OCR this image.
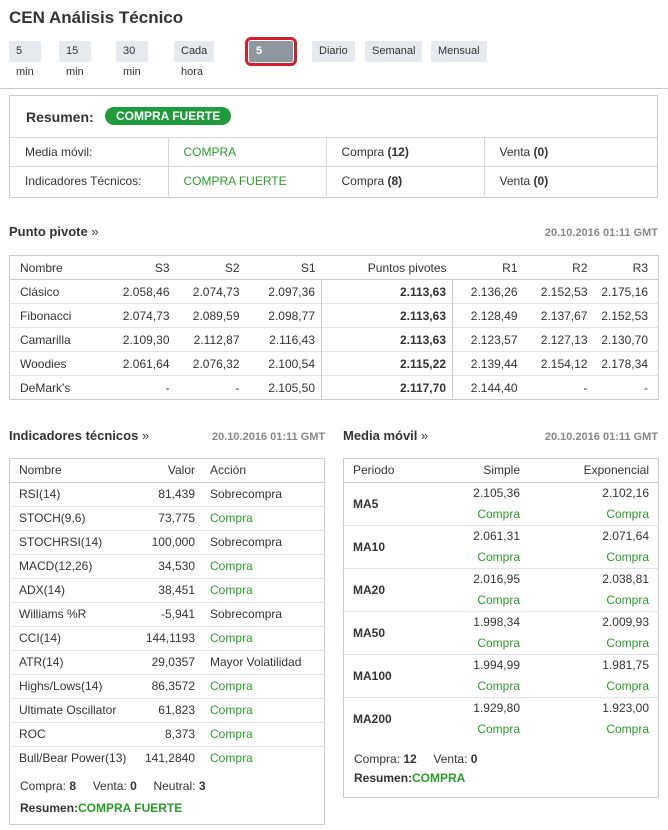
CEN Análisis Técnico
5 min
15 min
30 min
Cada hora
5 horas
Diario	Semanal	Mensual
Resumen:	COMPRA FUERTE
Media móvil:	COMPRA	Compra (12)	Venta (0)
Indicadores Técnicos:	COMPRA FUERTE	Compra (8)	Venta (0)
Punto pivote »	20.10.2016 01:11 GMT
Nombre	S3	S2	S1	Puntos pivotes	R1	R2	R3
Clásico	2.058,46	2.074,73	2.097,36	2.113,63	2.136,26	2.152,53	2.175,16
Fibonacci	2.074,73	2.089,59	2.098,77	2.113,63	2.128,49	2.137,67	2.152,53
Camarilla	2.109,30	2.112,87	2.116,43	2.113,63	2.123,57	2.127,13	2.130,70
Woodies	2.061,64	2.076,32	2.100,54	2.115,22	2.139,44	2.154,12	2.178,34
DeMark's	-	-	2.105,50	2.117,70	2.144,40	-	-
Indicadores técnicos »	20.10.2016 01:11 GMT
Nombre	Valor	Acción
RSI(14)	81,439	Sobrecompra
STOCH(9,6)	73,775	Compra
STOCHRSI(14)	100,000	Sobrecompra
MACD(12,26)	34,530	Compra
ADX(14)	38,451	Compra
Williams %R	-5,941	Sobrecompra
CCI(14)	144,1193	Compra
ATR(14)	29,0357	Mayor Volatilidad
Highs/Lows(14)	86,3572	Compra
Ultimate Oscillator	61,823	Compra
ROC	8,373	Compra
Bull/Bear Power(13)	141,2840	Compra
Compra: 8 Venta: 0 Neutral: 3
Resumen:COMPRA FUERTE
Media móvil »	20.10.2016 01:11 GMT
Periodo	Simple	Exponencial
MA5	2.105,36	2.102,16
	Compra	Compra
MA10	2.061,31	2.071,64
	Compra	Compra
MA20	2.016,95	2.038,81
	Compra	Compra
MA50	1.998,34	2.009,93
	Compra	Compra
MA100	1.994,99	1.981,75
	Compra	Compra
MA200	1.929,80	1.923,00
	Compra	Compra
Compra: 12 Venta: 0
Resumen:COMPRA
